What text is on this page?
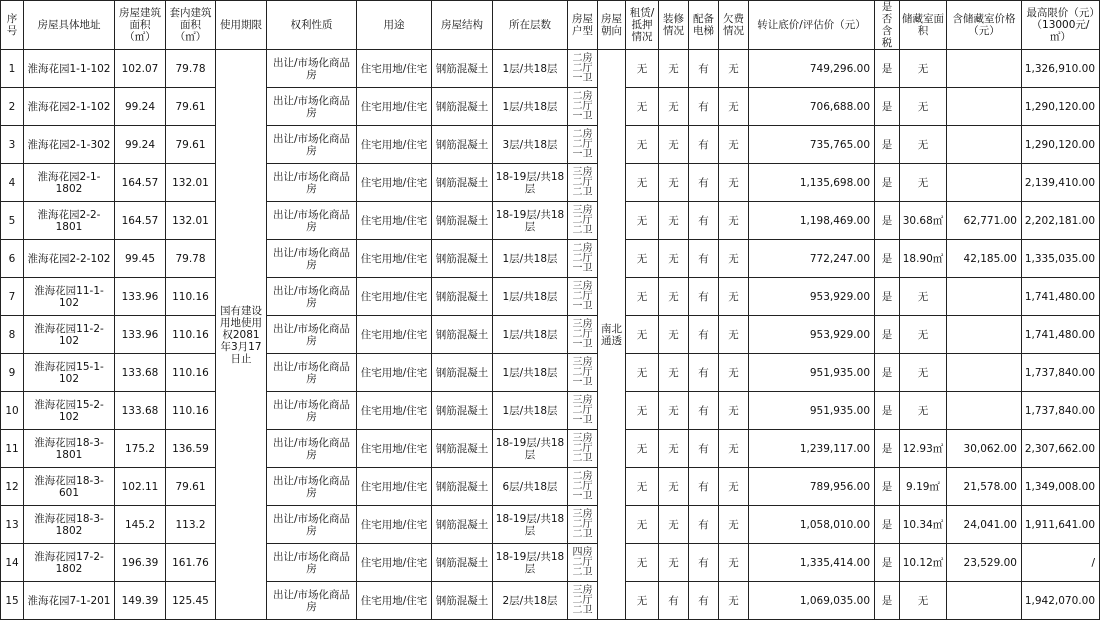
序号	房屋具体地址	房屋建筑面积（㎡）	套内建筑面积（㎡）	使用期限	权利性质	用途	房屋结构	所在层数	房屋户型	房屋朝向	租赁/抵押情况	装修情况	配备电梯	欠费情况	转让底价/评估价（元）	是否含税	储藏室面积	含储藏室价格（元）	最高限价（元）（13000元/㎡）
1	淮海花园1-1-102	102.07	79.78	国有建设用地使用权2081年3月17日止	出让/市场化商品房	住宅用地/住宅	钢筋混凝土	1层/共18层	二房二厅一卫	南北通透	无	无	有	无	749,296.00	是	无		1,326,910.00
2	淮海花园2-1-102	99.24	79.61		出让/市场化商品房	住宅用地/住宅	钢筋混凝土	1层/共18层	二房二厅一卫		无	无	有	无	706,688.00	是	无		1,290,120.00
3	淮海花园2-1-302	99.24	79.61		出让/市场化商品房	住宅用地/住宅	钢筋混凝土	3层/共18层	二房二厅一卫		无	无	有	无	735,765.00	是	无		1,290,120.00
4	淮海花园2-1-1802	164.57	132.01		出让/市场化商品房	住宅用地/住宅	钢筋混凝土	18-19层/共18层	三房二厅二卫		无	无	有	无	1,135,698.00	是	无		2,139,410.00
5	淮海花园2-2-1801	164.57	132.01		出让/市场化商品房	住宅用地/住宅	钢筋混凝土	18-19层/共18层	三房二厅二卫		无	无	有	无	1,198,469.00	是	30.68㎡	62,771.00	2,202,181.00
6	淮海花园2-2-102	99.45	79.78		出让/市场化商品房	住宅用地/住宅	钢筋混凝土	1层/共18层	二房二厅一卫		无	无	有	无	772,247.00	是	18.90㎡	42,185.00	1,335,035.00
7	淮海花园11-1-102	133.96	110.16		出让/市场化商品房	住宅用地/住宅	钢筋混凝土	1层/共18层	三房二厅一卫		无	无	有	无	953,929.00	是	无		1,741,480.00
8	淮海花园11-2-102	133.96	110.16		出让/市场化商品房	住宅用地/住宅	钢筋混凝土	1层/共18层	三房二厅一卫		无	无	有	无	953,929.00	是	无		1,741,480.00
9	淮海花园15-1-102	133.68	110.16		出让/市场化商品房	住宅用地/住宅	钢筋混凝土	1层/共18层	三房二厅一卫		无	无	有	无	951,935.00	是	无		1,737,840.00
10	淮海花园15-2-102	133.68	110.16		出让/市场化商品房	住宅用地/住宅	钢筋混凝土	1层/共18层	三房二厅一卫		无	无	有	无	951,935.00	是	无		1,737,840.00
11	淮海花园18-3-1801	175.2	136.59		出让/市场化商品房	住宅用地/住宅	钢筋混凝土	18-19层/共18层	三房二厅二卫		无	无	有	无	1,239,117.00	是	12.93㎡	30,062.00	2,307,662.00
12	淮海花园18-3-601	102.11	79.61		出让/市场化商品房	住宅用地/住宅	钢筋混凝土	6层/共18层	二房二厅一卫		无	无	有	无	789,956.00	是	9.19㎡	21,578.00	1,349,008.00
13	淮海花园18-3-1802	145.2	113.2		出让/市场化商品房	住宅用地/住宅	钢筋混凝土	18-19层/共18层	三房二厅二卫		无	无	有	无	1,058,010.00	是	10.34㎡	24,041.00	1,911,641.00
14	淮海花园17-2-1802	196.39	161.76		出让/市场化商品房	住宅用地/住宅	钢筋混凝土	18-19层/共18层	四房二厅二卫		无	无	有	无	1,335,414.00	是	10.12㎡	23,529.00	/
15	淮海花园7-1-201	149.39	125.45		出让/市场化商品房	住宅用地/住宅	钢筋混凝土	2层/共18层	三房二厅二卫		无	有	有	无	1,069,035.00	是	无		1,942,070.00
